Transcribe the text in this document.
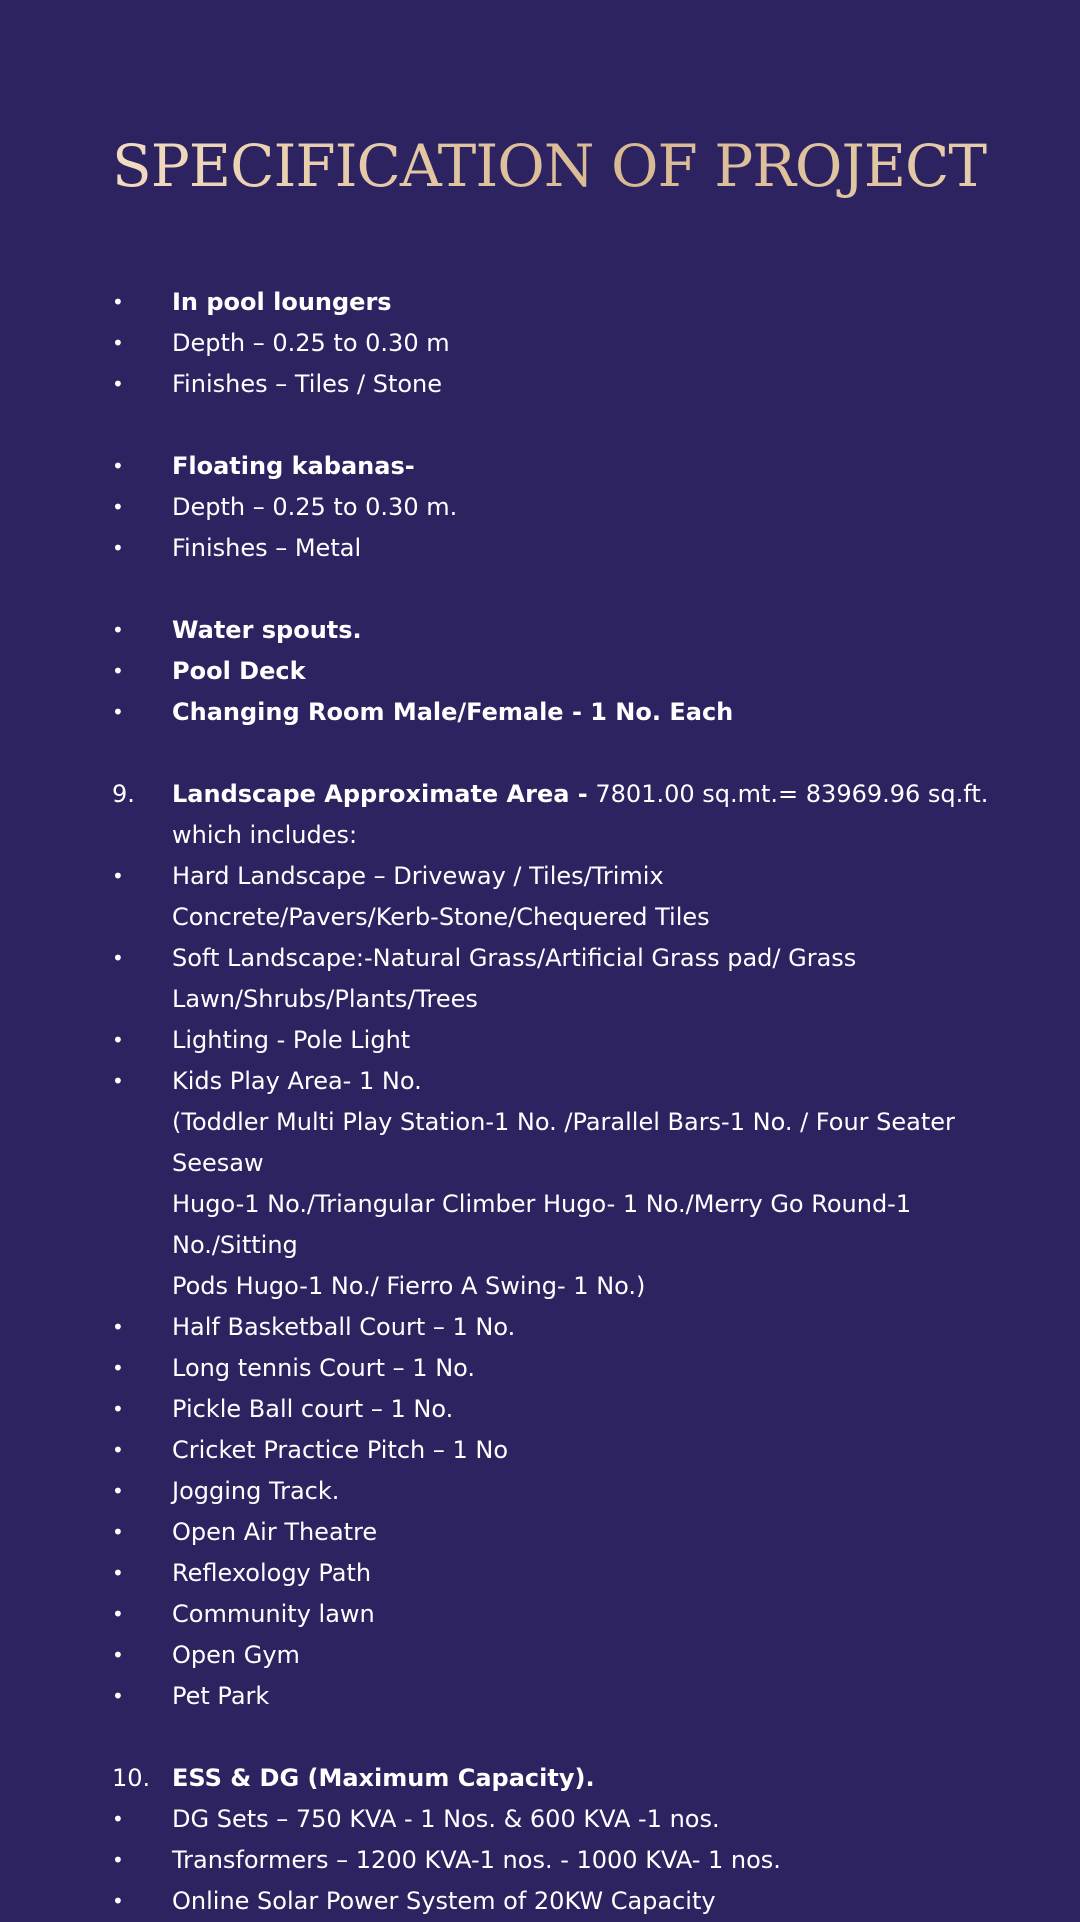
SPECIFICATION OF PROJECT
•	In pool loungers
•	Depth – 0.25 to 0.30 m
•	Finishes – Tiles / Stone
•	Floating kabanas-
•	Depth – 0.25 to 0.30 m.
•	Finishes – Metal
•	Water spouts.
•	Pool Deck
•	Changing Room Male/Female - 1 No. Each
9.	Landscape Approximate Area - 7801.00 sq.mt.= 83969.96 sq.ft.
which includes:
•	Hard Landscape – Driveway / Tiles/Trimix
Concrete/Pavers/Kerb-Stone/Chequered Tiles
•	Soft Landscape:-Natural Grass/Artificial Grass pad/ Grass
Lawn/Shrubs/Plants/Trees
•	Lighting - Pole Light
•	Kids Play Area- 1 No.
(Toddler Multi Play Station-1 No. /Parallel Bars-1 No. / Four Seater Seesaw
Hugo-1 No./Triangular Climber Hugo- 1 No./Merry Go Round-1 No./Sitting
Pods Hugo-1 No./ Fierro A Swing- 1 No.)
•	Half Basketball Court – 1 No.
•	Long tennis Court – 1 No.
•	Pickle Ball court – 1 No.
•	Cricket Practice Pitch – 1 No
•	Jogging Track.
•	Open Air Theatre
•	Reflexology Path
•	Community lawn
•	Open Gym
•	Pet Park
10. ESS & DG (Maximum Capacity).
•	DG Sets – 750 KVA - 1 Nos. & 600 KVA -1 nos.
•	Transformers – 1200 KVA-1 nos. - 1000 KVA- 1 nos.
•	Online Solar Power System of 20KW Capacity
